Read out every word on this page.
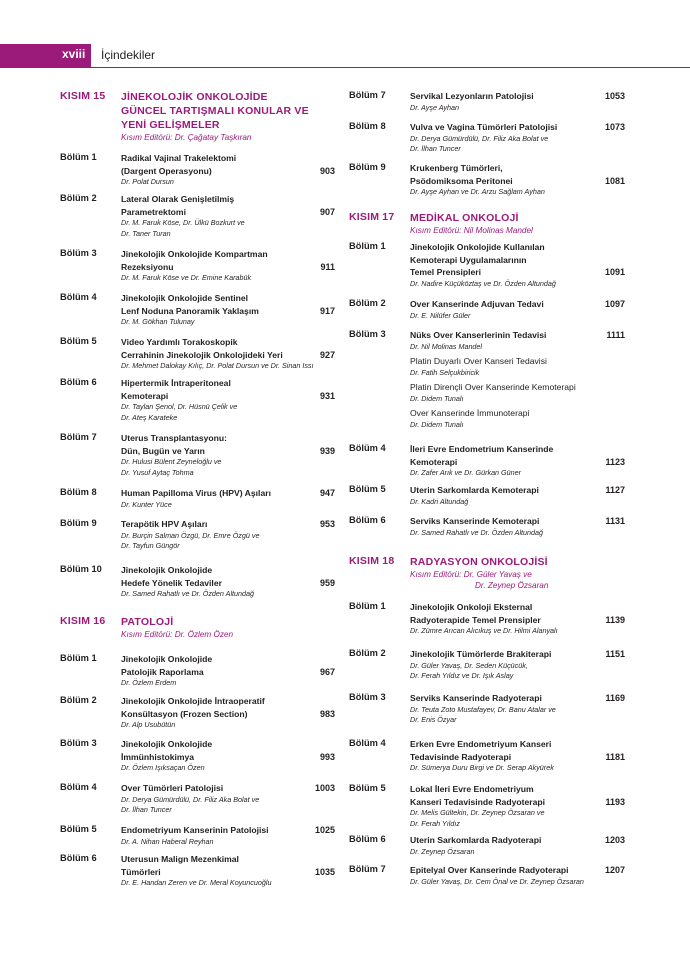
xviii İçindekiler
KISIM 15 JİNEKOLOJİK ONKOLOJİDE
GÜNCEL TARTIŞMALI KONULAR VE
YENİ GELİŞMELER
Kısım Editörü: Dr. Çağatay Taşkıran
Bölüm 1	Radikal Vajinal Trakelektomi
(Dargent Operasyonu)
Dr. Polat Dursun
903
Bölüm 2	Lateral Olarak Genişletilmiş
Parametrektomi
Dr. M. Faruk Köse, Dr. Ülkü Bozkurt ve
Dr. Taner Turan
907
Bölüm 3	Jinekolojik Onkolojide Kompartman
Rezeksiyonu
Dr. M. Faruk Köse ve Dr. Emine Karabük
911
Bölüm 4	Jinekolojik Onkolojide Sentinel
Lenf Noduna Panoramik Yaklaşım
Dr. M. Gökhan Tulunay
917
Bölüm 5	Video Yardımlı Torakoskopik
Cerrahinin Jinekolojik Onkolojideki Yeri
Dr. Mehmet Dalokay Kılıç, Dr. Polat Dursun ve Dr. Sinan Issı
927
Bölüm 6	Hipertermik İntraperitoneal
Kemoterapi
Dr. Taylan Şenol, Dr. Hüsnü Çelik ve
Dr. Ateş Karateke
931
Bölüm 7	Uterus Transplantasyonu:
Dün, Bugün ve Yarın
Dr. Hulusi Bülent Zeyneloğlu ve
Dr. Yusuf Aytaç Tohma
939
Bölüm 8	Human Papilloma Virus (HPV) Aşıları
Dr. Kunter Yüce
947
Bölüm 9	Terapötik HPV Aşıları
Dr. Burçin Salman Özgü, Dr. Emre Özgü ve
Dr. Tayfun Güngör
953
Bölüm 10 Jinekolojik Onkolojide
Hedefe Yönelik Tedaviler
Dr. Samed Rahatlı ve Dr. Özden Altundağ
959
KISIM 16 PATOLOJİ
Kısım Editörü: Dr. Özlem Özen
Bölüm 1	Jinekolojik Onkolojide
Patolojik Raporlama
Dr. Özlem Erdem
967
Bölüm 2	Jinekolojik Onkolojide İntraoperatif
Konsültasyon (Frozen Section)
Dr. Alp Usubütün
983
Bölüm 3	Jinekolojik Onkolojide
İmmünhistokimya
Dr. Özlem Işıksaçan Özen
993
Bölüm 4	Over Tümörleri Patolojisi
Dr. Derya Gümürdülü, Dr. Filiz Aka Bolat ve
Dr. İlhan Tuncer
1003
Bölüm 5	Endometriyum Kanserinin Patolojisi
Dr. A. Nihan Haberal Reyhan
1025
Bölüm 6	Uterusun Malign Mezenkimal
Tümörleri
Dr. E. Handan Zeren ve Dr. Meral Koyuncuoğlu
1035
Bölüm 7	Servikal Lezyonların Patolojisi
Dr. Ayşe Ayhan
1053
Bölüm 8	Vulva ve Vagina Tümörleri Patolojisi
Dr. Derya Gümürdülü, Dr. Filiz Aka Bolat ve
Dr. İlhan Tuncer
1073
Bölüm 9	Krukenberg Tümörleri,
Psödomiksoma Peritonei
Dr. Ayşe Ayhan ve Dr. Arzu Sağlam Ayhan
1081
KISIM 17 MEDİKAL ONKOLOJİ
Kısım Editörü: Nil Molinas Mandel
Bölüm 1	Jinekolojik Onkolojide Kullanılan
Kemoterapi Uygulamalarının
Temel Prensipleri
Dr. Nadire Küçüköztaş ve Dr. Özden Altundağ
1091
Bölüm 2	Over Kanserinde Adjuvan Tedavi
Dr. E. Nilüfer Güler
1097
Bölüm 3	Nüks Over Kanserlerinin Tedavisi
Dr. Nil Molinas Mandel
Platin Duyarlı Over Kanseri Tedavisi
Dr. Fatih Selçukbiricik
Platin Dirençli Over Kanserinde Kemoterapi
Dr. Didem Tunalı
Over Kanserinde İmmunoterapi
Dr. Didem Tunalı
1111
Bölüm 4	İleri Evre Endometrium Kanserinde
Kemoterapi
Dr. Zafer Arık ve Dr. Gürkan Güner
1123
Bölüm 5	Uterin Sarkomlarda Kemoterapi
Dr. Kadri Altundağ
1127
Bölüm 6	Serviks Kanserinde Kemoterapi
Dr. Samed Rahatlı ve Dr. Özden Altundağ
1131
KISIM 18 RADYASYON ONKOLOJİSİ
Kısım Editörü: Dr. Güler Yavaş ve
Dr. Zeynep Özsaran
Bölüm 1	Jinekolojik Onkoloji Eksternal
Radyoterapide Temel Prensipler
Dr. Zümre Arıcan Alıcıkuş ve Dr. Hilmi Alanyalı
1139
Bölüm 2	Jinekolojik Tümörlerde Brakiterapi
Dr. Güler Yavaş, Dr. Seden Küçücük,
Dr. Ferah Yıldız ve Dr. Işık Aslay
1151
Bölüm 3	Serviks Kanserinde Radyoterapi
Dr. Teuta Zoto Mustafayev, Dr. Banu Atalar ve
Dr. Enis Özyar
1169
Bölüm 4	Erken Evre Endometriyum Kanseri
Tedavisinde Radyoterapi
Dr. Sümerya Duru Birgi ve Dr. Serap Akyürek
1181
Bölüm 5	Lokal İleri Evre Endometriyum
Kanseri Tedavisinde Radyoterapi
Dr. Melis Gültekin, Dr. Zeynep Özsaran ve
Dr. Ferah Yıldız
1193
Bölüm 6	Uterin Sarkomlarda Radyoterapi
Dr. Zeynep Özsaran
1203
Bölüm 7	Epitelyal Over Kanserinde Radyoterapi
Dr. Güler Yavaş, Dr. Cem Önal ve Dr. Zeynep Özsaran
1207
